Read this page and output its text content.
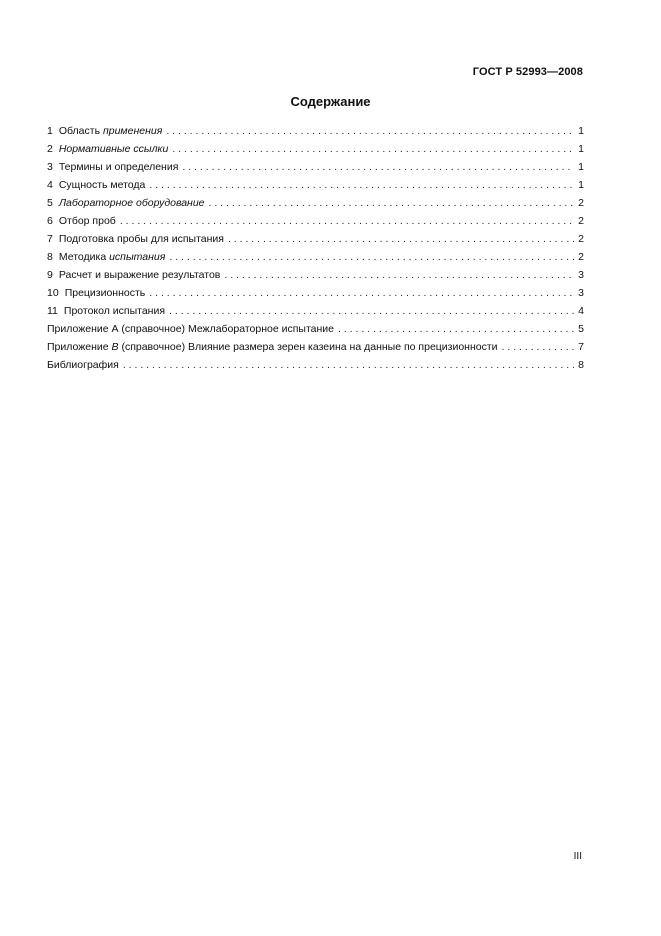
ГОСТ Р 52993—2008
Содержание
1 Область применения . . .	1
2 Нормативные ссылки . . .	1
3 Термины и определения . . .	1
4 Сущность метода . . .	1
5 Лабораторное оборудование . . .	2
6 Отбор проб . . .	2
7 Подготовка пробы для испытания . . .	2
8 Методика испытания . . .	2
9 Расчет и выражение результатов . . .	3
10 Прецизионность . . .	3
11 Протокол испытания . . .	4
Приложение А (справочное) Межлабораторное испытание . . .	5
Приложение В (справочное) Влияние размера зерен казеина на данные по прецизионности . . .	7
Библиография . . .	8
III
